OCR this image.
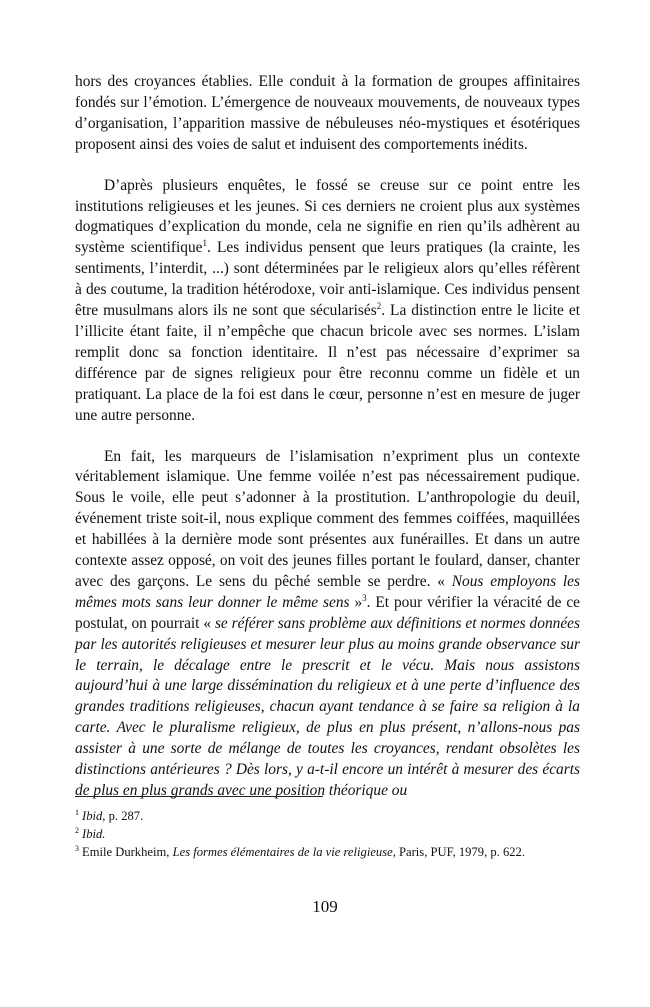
hors des croyances établies. Elle conduit à la formation de groupes affinitaires fondés sur l’émotion. L’émergence de nouveaux mouvements, de nouveaux types d’organisation, l’apparition massive de nébuleuses néo-mystiques et ésotériques proposent ainsi des voies de salut et induisent des comportements inédits.

D’après plusieurs enquêtes, le fossé se creuse sur ce point entre les institutions religieuses et les jeunes. Si ces derniers ne croient plus aux systèmes dogmatiques d’explication du monde, cela ne signifie en rien qu’ils adhèrent au système scientifique$^1$. Les individus pensent que leurs pratiques (la crainte, les sentiments, l’interdit, ...) sont déterminées par le religieux alors qu’elles réfèrent à des coutume, la tradition hétérodoxe, voir anti-islamique. Ces individus pensent être musulmans alors ils ne sont que sécularisés$^2$. La distinction entre le licite et l’illicite étant faite, il n’empêche que chacun bricole avec ses normes. L’islam remplit donc sa fonction identitaire. Il n’est pas nécessaire d’exprimer sa différence par de signes religieux pour être reconnu comme un fidèle et un pratiquant. La place de la foi est dans le cœur, personne n’est en mesure de juger une autre personne.

En fait, les marqueurs de l’islamisation n’expriment plus un contexte véritablement islamique. Une femme voilée n’est pas nécessairement pudique. Sous le voile, elle peut s’adonner à la prostitution. L’anthropologie du deuil, événement triste soit-il, nous explique comment des femmes coiffées, maquillées et habillées à la dernière mode sont présentes aux funérailles. Et dans un autre contexte assez opposé, on voit des jeunes filles portant le foulard, danser, chanter avec des garçons. Le sens du pêché semble se perdre. « Nous employons les mêmes mots sans leur donner le même sens »$^3$. Et pour vérifier la véracité de ce postulat, on pourrait « se référer sans problème aux définitions et normes données par les autorités religieuses et mesurer leur plus au moins grande observance sur le terrain, le décalage entre le prescrit et le vécu. Mais nous assistons aujourd’hui à une large dissémination du religieux et à une perte d’influence des grandes traditions religieuses, chacun ayant tendance à se faire sa religion à la carte. Avec le pluralisme religieux, de plus en plus présent, n’allons-nous pas assister à une sorte de mélange de toutes les croyances, rendant obsolètes les distinctions antérieures ? Dès lors, y a-t-il encore un intérêt à mesurer des écarts de plus en plus grands avec une position théorique ou

$^1$ Ibid, p. 287.

$^2$ Ibid.

$^3$ Emile Durkheim, Les formes élémentaires de la vie religieuse, Paris, PUF, 1979, p. 622.

109
